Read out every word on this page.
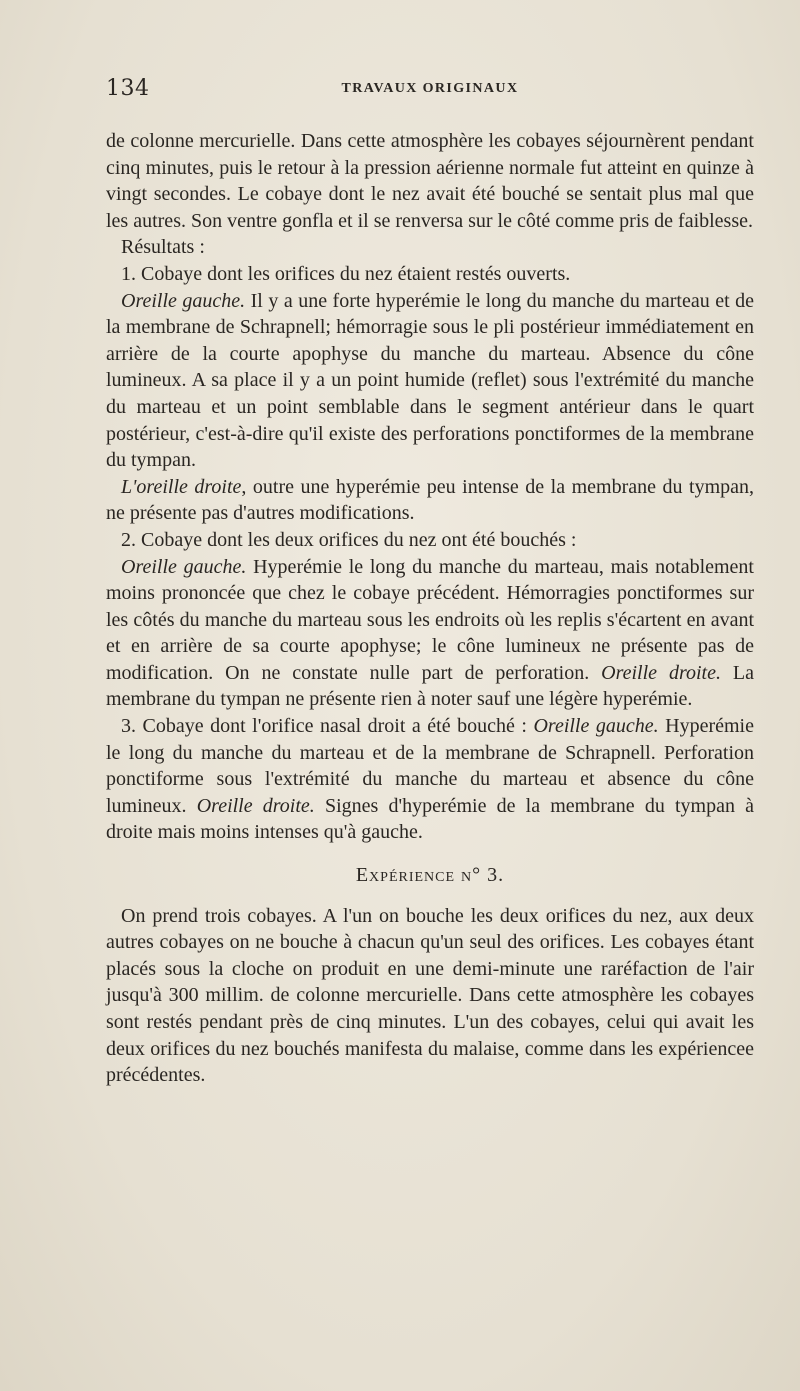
134	TRAVAUX ORIGINAUX

de colonne mercurielle. Dans cette atmosphère les cobayes séjournèrent pendant cinq minutes, puis le retour à la pression aérienne normale fut atteint en quinze à vingt secondes. Le cobaye dont le nez avait été bouché se sentait plus mal que les autres. Son ventre gonfla et il se renversa sur le côté comme pris de faiblesse.

Résultats :

1. Cobaye dont les orifices du nez étaient restés ouverts.

Oreille gauche. Il y a une forte hyperémie le long du manche du marteau et de la membrane de Schrapnell; hémorragie sous le pli postérieur immédiatement en arrière de la courte apophyse du manche du marteau. Absence du cône lumineux. A sa place il y a un point humide (reflet) sous l'extrémité du manche du marteau et un point semblable dans le segment antérieur dans le quart postérieur, c'est-à-dire qu'il existe des perforations ponctiformes de la membrane du tympan.

L'oreille droite, outre une hyperémie peu intense de la membrane du tympan, ne présente pas d'autres modifications.

2. Cobaye dont les deux orifices du nez ont été bouchés :

Oreille gauche. Hyperémie le long du manche du marteau, mais notablement moins prononcée que chez le cobaye précédent. Hémorragies ponctiformes sur les côtés du manche du marteau sous les endroits où les replis s'écartent en avant et en arrière de sa courte apophyse; le cône lumineux ne présente pas de modification. On ne constate nulle part de perforation. Oreille droite. La membrane du tympan ne présente rien à noter sauf une légère hyperémie.

3. Cobaye dont l'orifice nasal droit a été bouché : Oreille gauche. Hyperémie le long du manche du marteau et de la membrane de Schrapnell. Perforation ponctiforme sous l'extrémité du manche du marteau et absence du cône lumineux. Oreille droite. Signes d'hyperémie de la membrane du tympan à droite mais moins intenses qu'à gauche.

Expérience n° 3.

On prend trois cobayes. A l'un on bouche les deux orifices du nez, aux deux autres cobayes on ne bouche à chacun qu'un seul des orifices. Les cobayes étant placés sous la cloche on produit en une demi-minute une raréfaction de l'air jusqu'à 300 millim. de colonne mercurielle. Dans cette atmosphère les cobayes sont restés pendant près de cinq minutes. L'un des cobayes, celui qui avait les deux orifices du nez bouchés manifesta du malaise, comme dans les expériencee précédentes.
